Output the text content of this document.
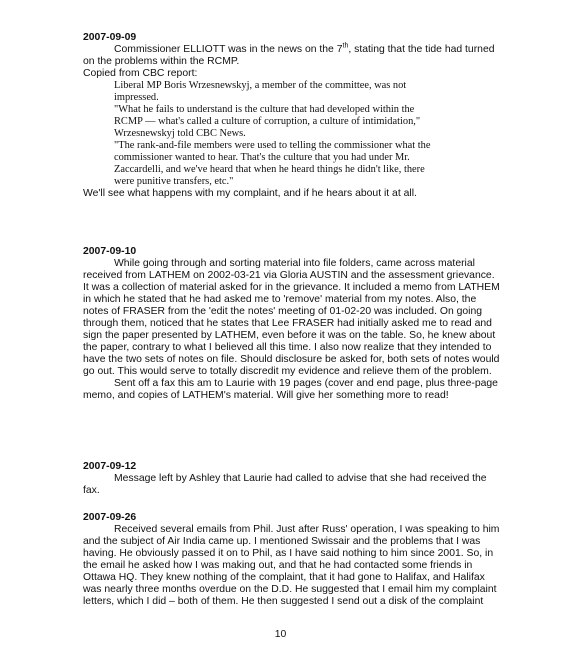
2007-09-09

Commissioner ELLIOTT was in the news on the 7th, stating that the tide had turned on the problems within the RCMP.

Copied from CBC report:

Liberal MP Boris Wrzesnewskyj, a member of the committee, was not impressed.

"What he fails to understand is the culture that had developed within the RCMP — what's called a culture of corruption, a culture of intimidation," Wrzesnewskyj told CBC News.

"The rank-and-file members were used to telling the commissioner what the commissioner wanted to hear. That's the culture that you had under Mr. Zaccardelli, and we've heard that when he heard things he didn't like, there were punitive transfers, etc."

We'll see what happens with my complaint, and if he hears about it at all.

2007-09-10

While going through and sorting material into file folders, came across material received from LATHEM on 2002-03-21 via Gloria AUSTIN and the assessment grievance. It was a collection of material asked for in the grievance. It included a memo from LATHEM in which he stated that he had asked me to 'remove' material from my notes. Also, the notes of FRASER from the 'edit the notes' meeting of 01-02-20 was included. On going through them, noticed that he states that Lee FRASER had initially asked me to read and sign the paper presented by LATHEM, even before it was on the table. So, he knew about the paper, contrary to what I believed all this time. I also now realize that they intended to have the two sets of notes on file. Should disclosure be asked for, both sets of notes would go out. This would serve to totally discredit my evidence and relieve them of the problem.

Sent off a fax this am to Laurie with 19 pages (cover and end page, plus three-page memo, and copies of LATHEM's material. Will give her something more to read!

2007-09-12

Message left by Ashley that Laurie had called to advise that she had received the fax.

2007-09-26

Received several emails from Phil. Just after Russ' operation, I was speaking to him and the subject of Air India came up. I mentioned Swissair and the problems that I was having. He obviously passed it on to Phil, as I have said nothing to him since 2001. So, in the email he asked how I was making out, and that he had contacted some friends in Ottawa HQ. They knew nothing of the complaint, that it had gone to Halifax, and Halifax was nearly three months overdue on the D.D. He suggested that I email him my complaint letters, which I did – both of them. He then suggested I send out a disk of the complaint

10
